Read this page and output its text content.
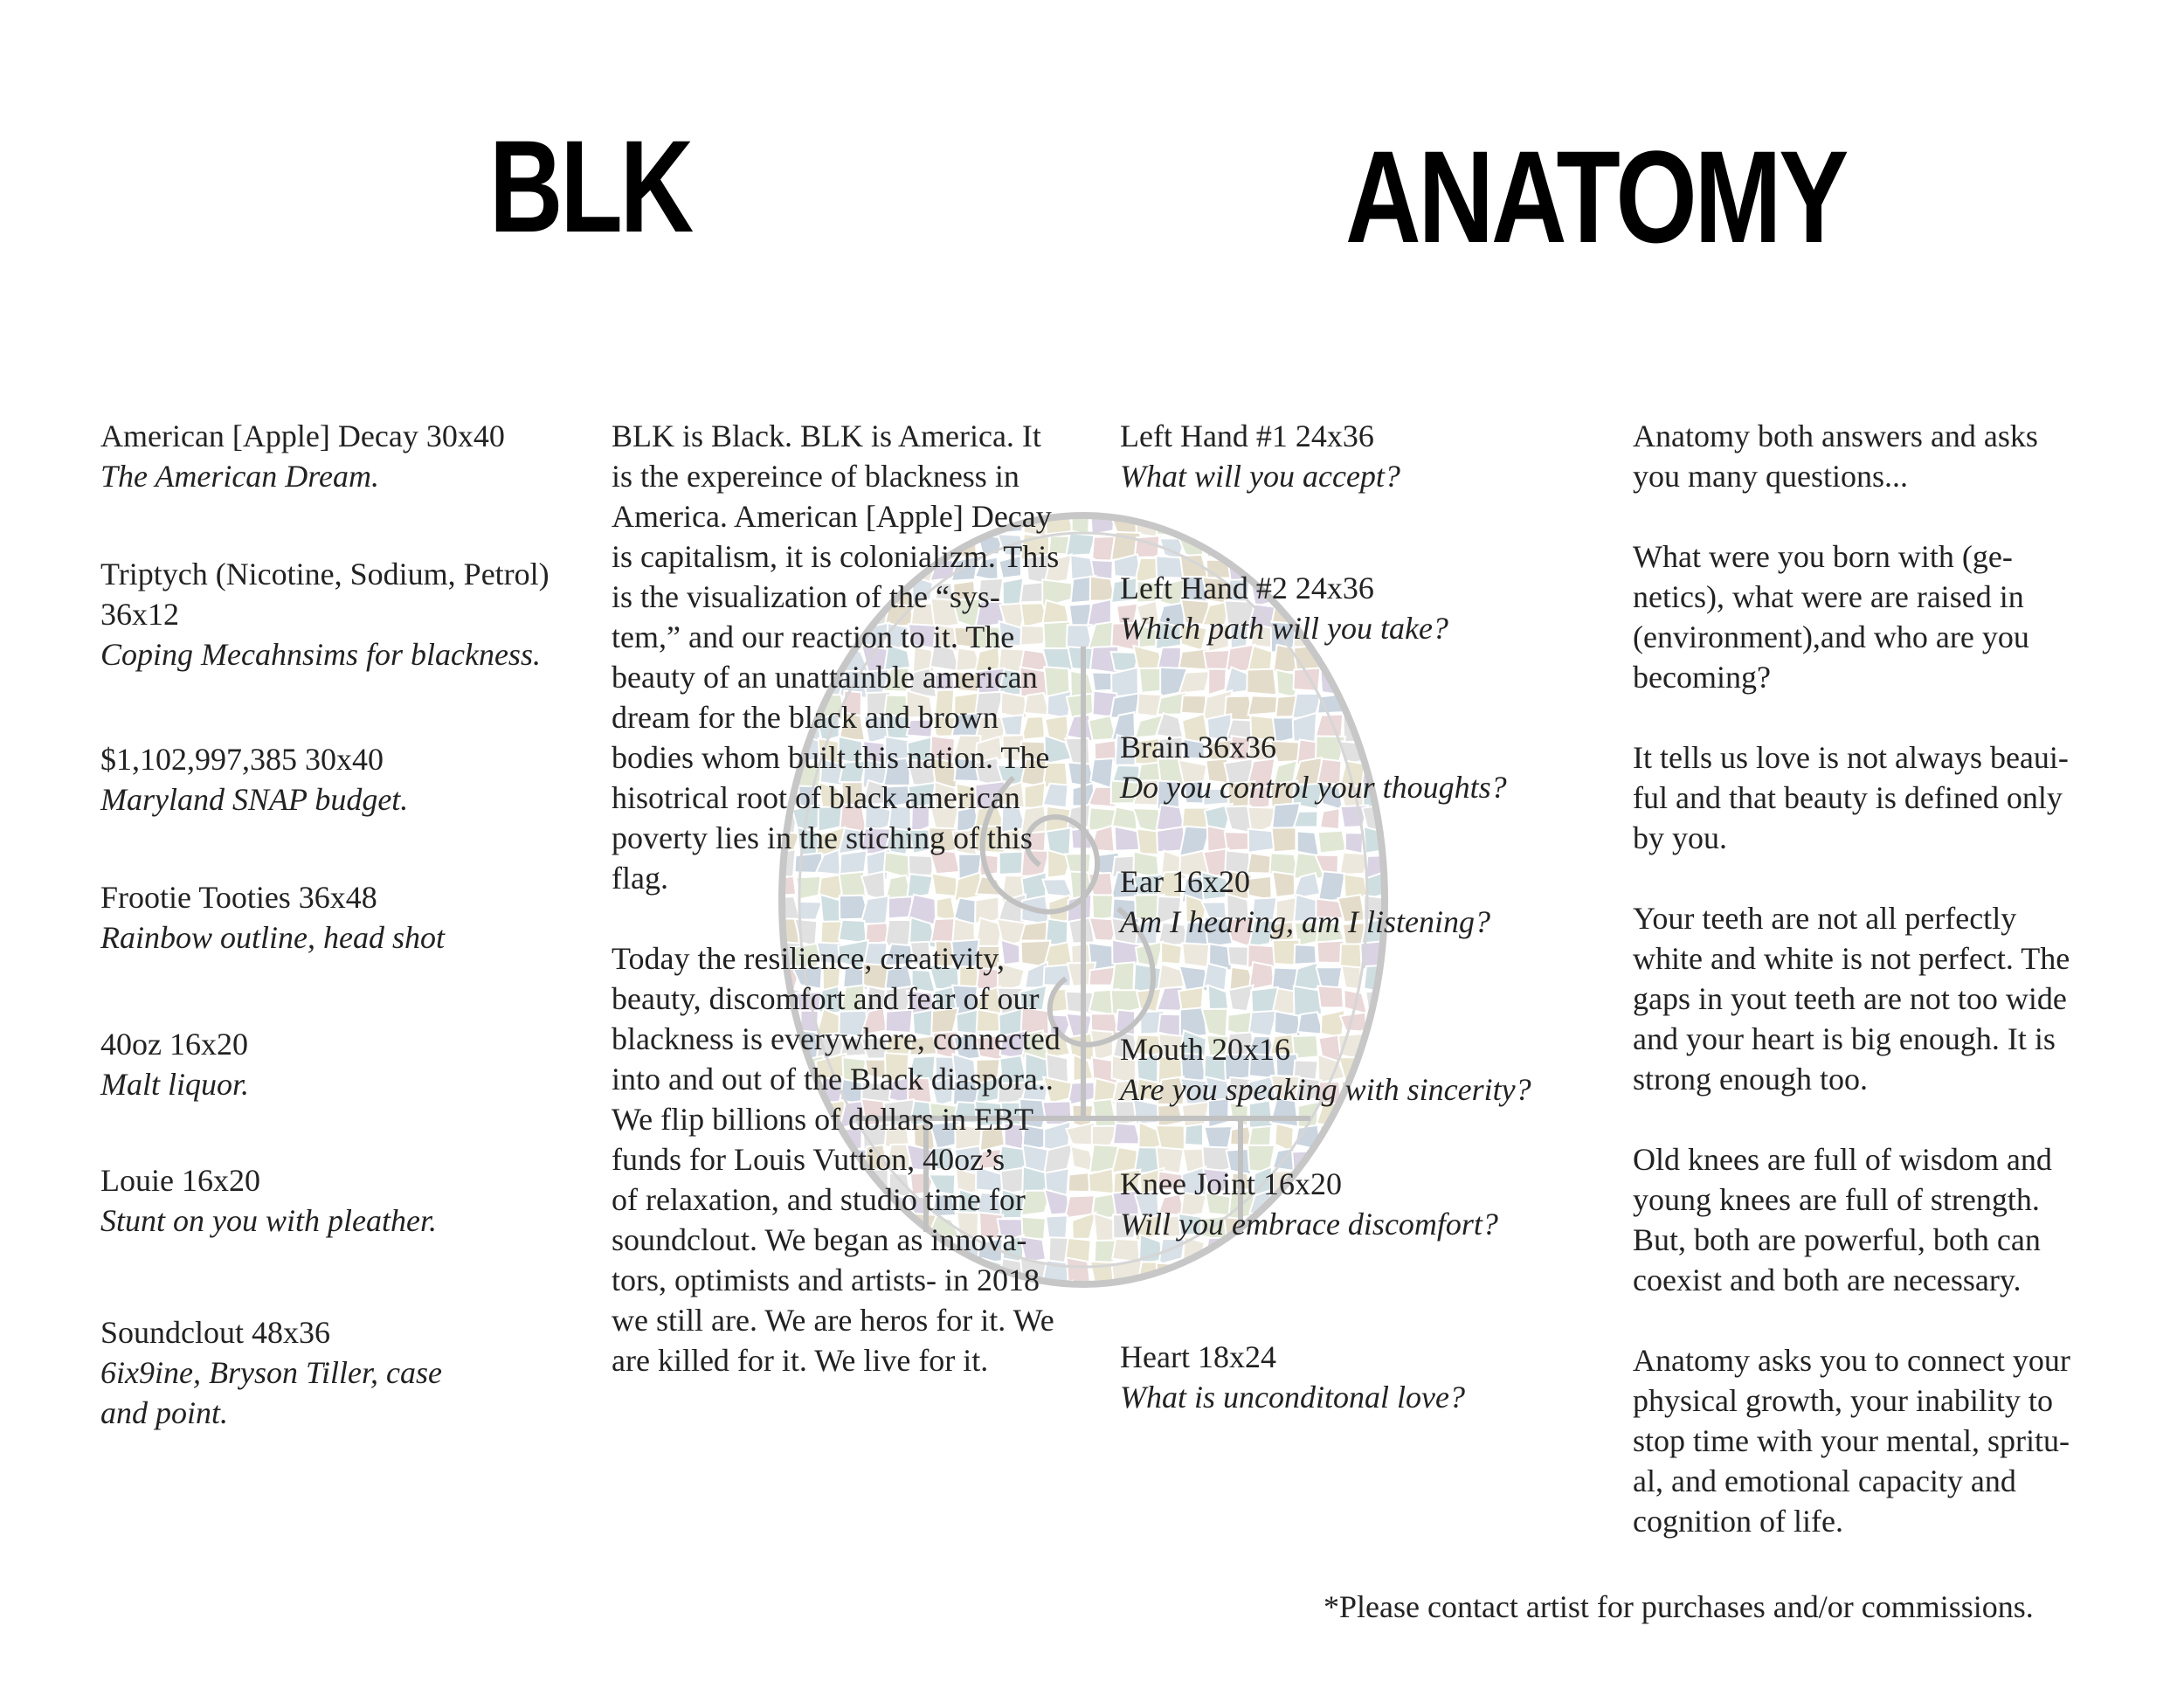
BLK	ANATOMY
American [Apple] Decay 30x40
The American Dream.
Triptych (Nicotine, Sodium, Petrol)
36x12
Coping Mecahnsims for blackness.
$1,102,997,385 30x40
Maryland SNAP budget.
Frootie Tooties 36x48
Rainbow outline, head shot
40oz 16x20
Malt liquor.
Louie 16x20
Stunt on you with pleather.
Soundclout 48x36
6ix9ine, Bryson Tiller, case
and point.

BLK is Black. BLK is America. It
is the expereince of blackness in
America. American [Apple] Decay
is capitalism, it is colonializm. This
is the visualization of the “sys-
tem,” and our reaction to it. The
beauty of an unattainble american
dream for the black and brown
bodies whom built this nation. The
hisotrical root of black american
poverty lies in the stiching of this
flag.

Today the resilience, creativity,
beauty, discomfort and fear of our
blackness is everywhere, connected
into and out of the Black diaspora..
We flip billions of dollars in EBT
funds for Louis Vuttion, 40oz’s
of relaxation, and studio time for
soundclout. We began as innova-
tors, optimists and artists- in 2018
we still are. We are heros for it. We
are killed for it. We live for it.

Left Hand #1 24x36
What will you accept?
Left Hand #2 24x36
Which path will you take?
Brain 36x36
Do you control your thoughts?
Ear 16x20
Am I hearing, am I listening?
Mouth 20x16
Are you speaking with sincerity?
Knee Joint 16x20
Will you embrace discomfort?
Heart 18x24
What is unconditonal love?

Anatomy both answers and asks
you many questions...

What were you born with (ge-
netics), what were are raised in
(environment),and who are you
becoming?

It tells us love is not always beaui-
ful and that beauty is defined only
by you.

Your teeth are not all perfectly
white and white is not perfect. The
gaps in yout teeth are not too wide
and your heart is big enough. It is
strong enough too.

Old knees are full of wisdom and
young knees are full of strength.
But, both are powerful, both can
coexist and both are necessary.

Anatomy asks you to connect your
physical growth, your inability to
stop time with your mental, spritu-
al, and emotional capacity and
cognition of life.

*Please contact artist for purchases and/or commissions.
